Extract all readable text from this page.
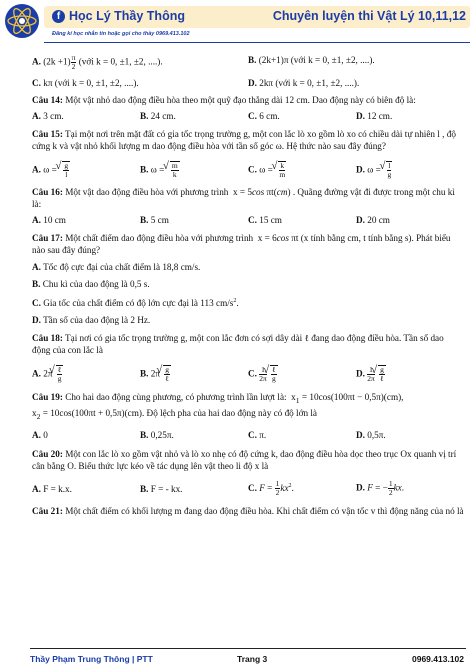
f Học Lý Thầy Thông	Chuyên luyện thi Vật Lý 10,11,12
Đăng kí học nhắn tin hoặc gọi cho thầy 0969.413.102
A. $(2k +1) \frac{\pi}{2}$ (với k = 0, ±1, ±2, ....).	B. (2k+1)π (với k = 0, ±1, ±2, ....).
C. kπ (với k = 0, ±1, ±2, ....).	D. 2kπ (với k = 0, ±1, ±2, ....).

Câu 14: Một vật nhỏ dao động điều hòa theo một quỹ đạo thẳng dài 12 cm. Dao động này có biên độ là:

A. 3 cm.	B. 24 cm.	C. 6 cm.	D. 12 cm.

Câu 15: Tại một nơi trên mặt đất có gia tốc trọng trường g, một con lắc lò xo gồm lò xo có chiều dài tự nhiên l , độ cứng k và vật nhỏ khối lượng m dao động điều hòa với tần số góc ω. Hệ thức nào sau đây đúng?

A. ω = √ $\frac{g}{l}$	B. ω = √ $\frac{m}{k}$	C. ω = √ $\frac{k}{m}$	D. ω = √ $\frac{l}{g}$

Câu 16: Một vật dao động điều hòa với phương trình  x = 5cos πt(cm) . Quãng đường vật đi được trong một chu kì là:

A. 10 cm	B. 5 cm	C. 15 cm	D. 20 cm

Câu 17: Một chất điểm dao động điều hòa với phương trình  x = 6cos πt (x tính bằng cm, t tính bằng s). Phát biểu nào sau đây đúng?

A. Tốc độ cực đại của chất điểm là 18,8 cm/s.

B. Chu kì của dao động là 0,5 s.

C. Gia tốc của chất điểm có độ lớn cực đại là 113 $cm/s^2$.

D. Tần số của dao động là 2 Hz.

Câu 18: Tại nơi có gia tốc trọng trường g, một con lắc đơn có sợi dây dài ℓ đang dao động điều hòa. Tần số dao động của con lắc là

A. 2π √ $\frac{\text{ℓ}}{g}$	B. 2π √ $\frac{g}{\text{ℓ}}$	C. $\frac{1}{2\pi}$
√ $\frac{\text{ℓ}}{g}$	D. $\frac{1}{2\pi}$
√ $\frac{g}{\text{ℓ}}$

Câu 19: Cho hai dao động cùng phương, có phương trình lần lượt là:  $x_1 = 10\cos(100\pi t - 0,5\pi)(cm)$,
$x_2 = 10\cos(100\pi t + 0,5\pi)(cm)$. Độ lệch pha của hai dao động này có độ lớn là

A. 0	B. 0,25π.	C. π.	D. 0,5π.

Câu 20: Một con lắc lò xo gồm vật nhỏ và lò xo nhẹ có độ cứng k, dao động điều hòa dọc theo trục Ox quanh vị trí cân bằng O. Biểu thức lực kéo về tác dụng lên vật theo li độ x là

A. F = k.x.	B. F = - kx.	C. $F = \frac{1}{2} kx^2$.	D. F = − $\frac{1}{2}$ kx.

Câu 21: Một chất điểm có khối lượng m đang dao động điều hòa. Khi chất điểm có vận tốc v thì động năng của nó là

Thầy Phạm Trung Thông | PTT	Trang 3	0969.413.102
